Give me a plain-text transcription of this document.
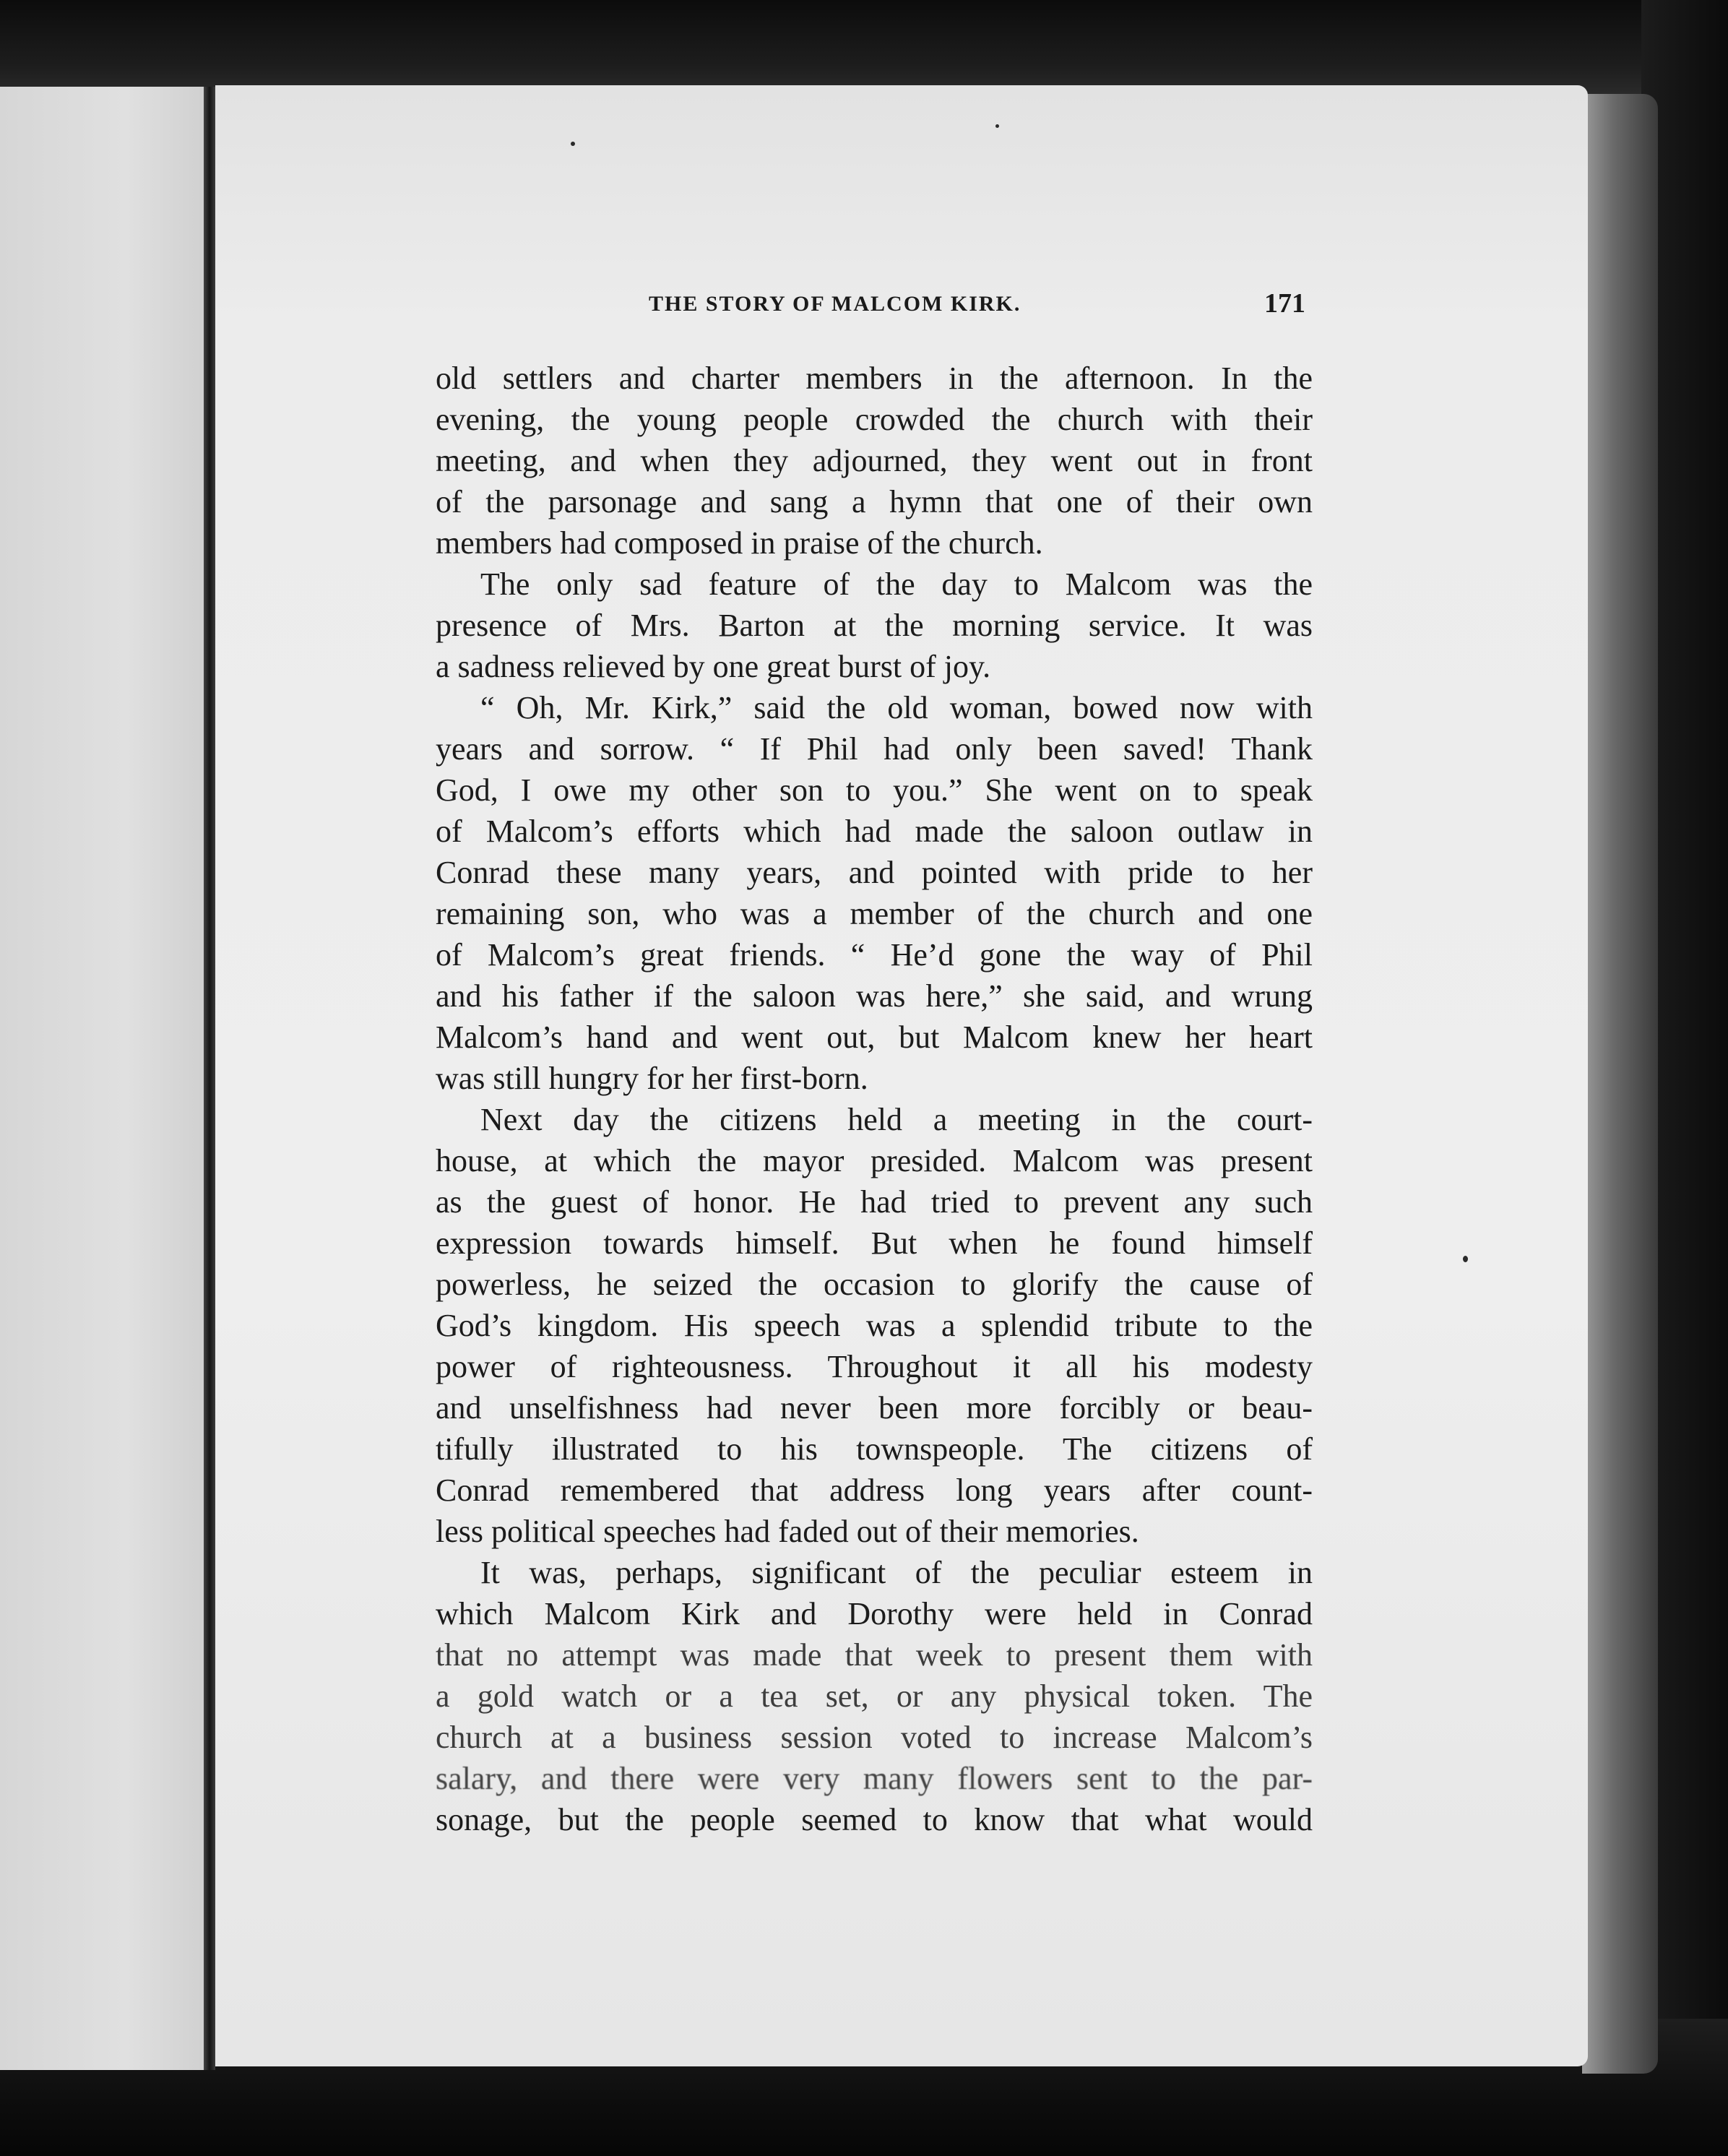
THE STORY OF MALCOM KIRK.	171
old settlers and charter members in the afternoon. In the
evening, the young people crowded the church with their
meeting, and when they adjourned, they went out in front
of the parsonage and sang a hymn that one of their own
members had composed in praise of the church.
The only sad feature of the day to Malcom was the
presence of Mrs. Barton at the morning service. It was
a sadness relieved by one great burst of joy.
“ Oh, Mr. Kirk,” said the old woman, bowed now with
years and sorrow. “ If Phil had only been saved! Thank
God, I owe my other son to you.” She went on to speak
of Malcom’s efforts which had made the saloon outlaw in
Conrad these many years, and pointed with pride to her
remaining son, who was a member of the church and one
of Malcom’s great friends. “ He’d gone the way of Phil
and his father if the saloon was here,” she said, and wrung
Malcom’s hand and went out, but Malcom knew her heart
was still hungry for her first-born.
Next day the citizens held a meeting in the court-
house, at which the mayor presided. Malcom was present
as the guest of honor. He had tried to prevent any such
expression towards himself. But when he found himself
powerless, he seized the occasion to glorify the cause of
God’s kingdom. His speech was a splendid tribute to the
power of righteousness. Throughout it all his modesty
and unselfishness had never been more forcibly or beau-
tifully illustrated to his townspeople. The citizens of
Conrad remembered that address long years after count-
less political speeches had faded out of their memories.
It was, perhaps, significant of the peculiar esteem in
which Malcom Kirk and Dorothy were held in Conrad
that no attempt was made that week to present them with
a gold watch or a tea set, or any physical token. The
church at a business session voted to increase Malcom’s
salary, and there were very many flowers sent to the par-
sonage, but the people seemed to know that what would
